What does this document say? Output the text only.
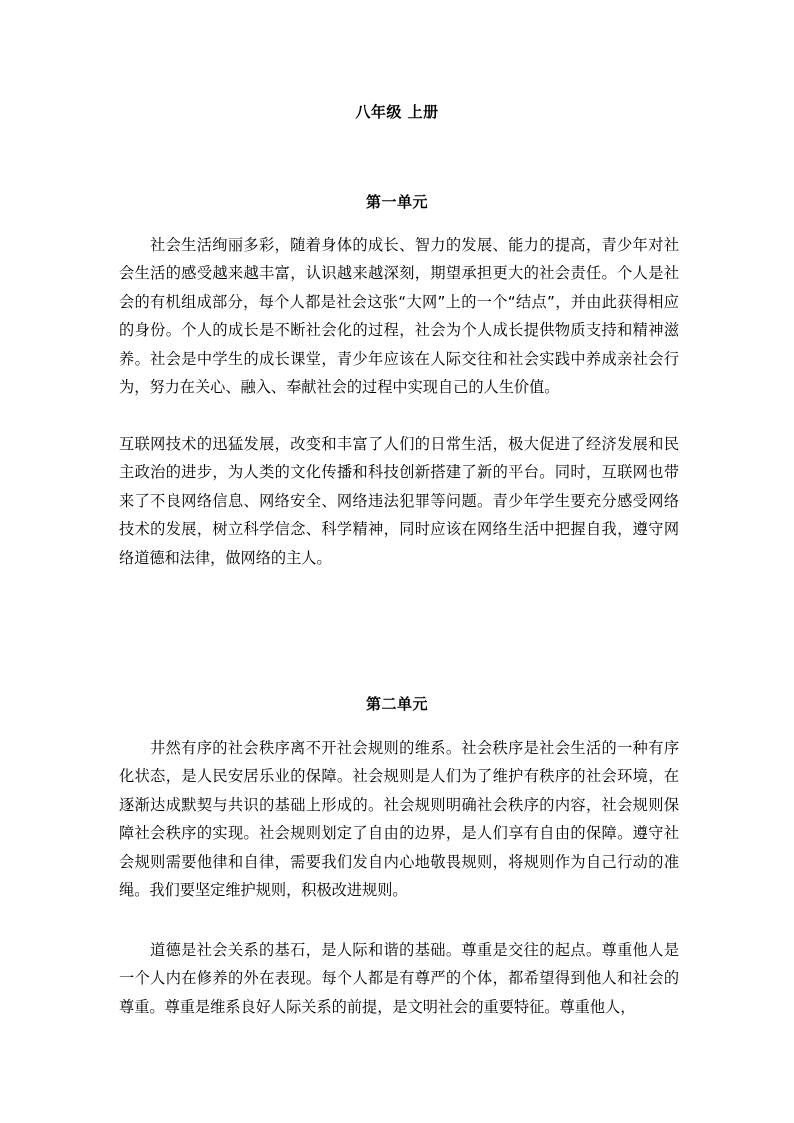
八年级 上册
第一单元

社会生活绚丽多彩，随着身体的成长、智力的发展、能力的提高，青少年对社会生活的感受越来越丰富，认识越来越深刻，期望承担更大的社会责任。个人是社会的有机组成部分，每个人都是社会这张“大网”上的一个“结点”，并由此获得相应的身份。个人的成长是不断社会化的过程，社会为个人成长提供物质支持和精神滋养。社会是中学生的成长课堂，青少年应该在人际交往和社会实践中养成亲社会行为，努力在关心、融入、奉献社会的过程中实现自己的人生价值。

互联网技术的迅猛发展，改变和丰富了人们的日常生活，极大促进了经济发展和民主政治的进步，为人类的文化传播和科技创新搭建了新的平台。同时，互联网也带来了不良网络信息、网络安全、网络违法犯罪等问题。青少年学生要充分感受网络技术的发展，树立科学信念、科学精神，同时应该在网络生活中把握自我，遵守网络道德和法律，做网络的主人。

第二单元

井然有序的社会秩序离不开社会规则的维系。社会秩序是社会生活的一种有序化状态，是人民安居乐业的保障。社会规则是人们为了维护有秩序的社会环境，在逐渐达成默契与共识的基础上形成的。社会规则明确社会秩序的内容，社会规则保障社会秩序的实现。社会规则划定了自由的边界，是人们享有自由的保障。遵守社会规则需要他律和自律，需要我们发自内心地敬畏规则，将规则作为自己行动的准绳。我们要坚定维护规则，积极改进规则。

道德是社会关系的基石，是人际和谐的基础。尊重是交往的起点。尊重他人是一个人内在修养的外在表现。每个人都是有尊严的个体，都希望得到他人和社会的尊重。尊重是维系良好人际关系的前提，是文明社会的重要特征。尊重他人，
